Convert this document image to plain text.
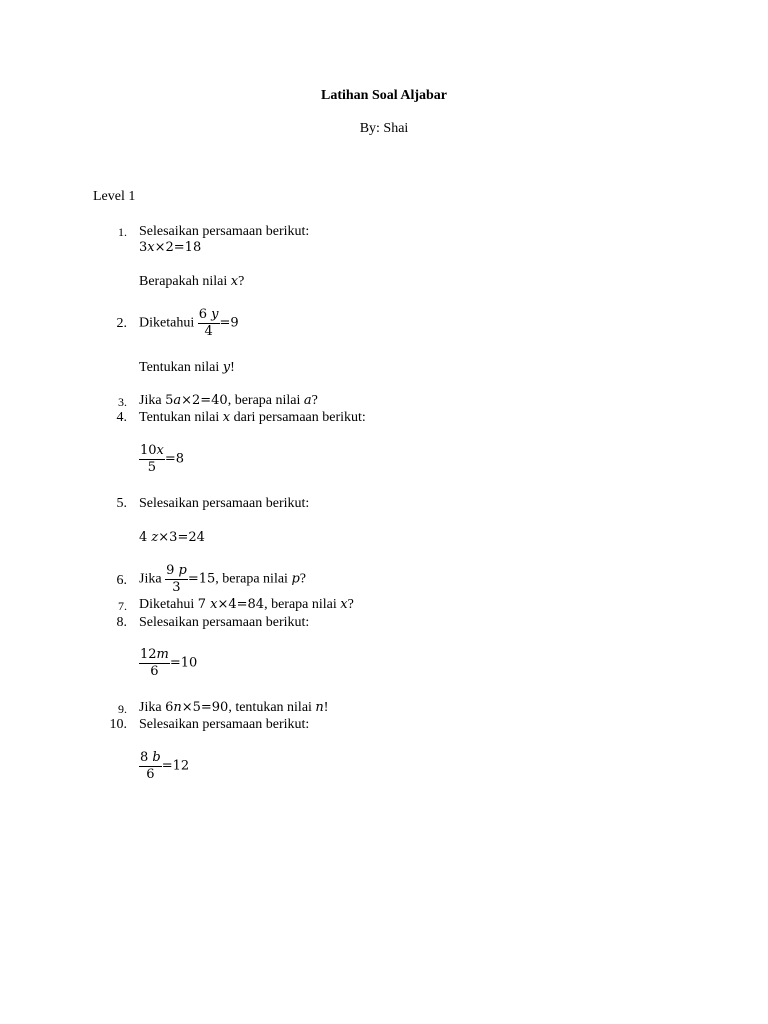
Latihan Soal Aljabar
By: Shai
Level 1
1. Selesaikan persamaan berikut:
3x×2=18
Berapakah nilai x?
2. Diketahui $\frac{6 y}{4} =9$
Tentukan nilai y!
3. Jika 5a×2=40, berapa nilai a?
4. Tentukan nilai x dari persamaan berikut:
$\frac{10x}{5} =8$
5. Selesaikan persamaan berikut:
4 z×3=24
6. Jika $\frac{9 p}{3} =15$, berapa nilai p?
7. Diketahui 7 x×4=84, berapa nilai x?
8. Selesaikan persamaan berikut:
$\frac{12m}{6} =10$
9. Jika 6n×5=90, tentukan nilai n!
10. Selesaikan persamaan berikut:
$\frac{8 b}{6} =12$
